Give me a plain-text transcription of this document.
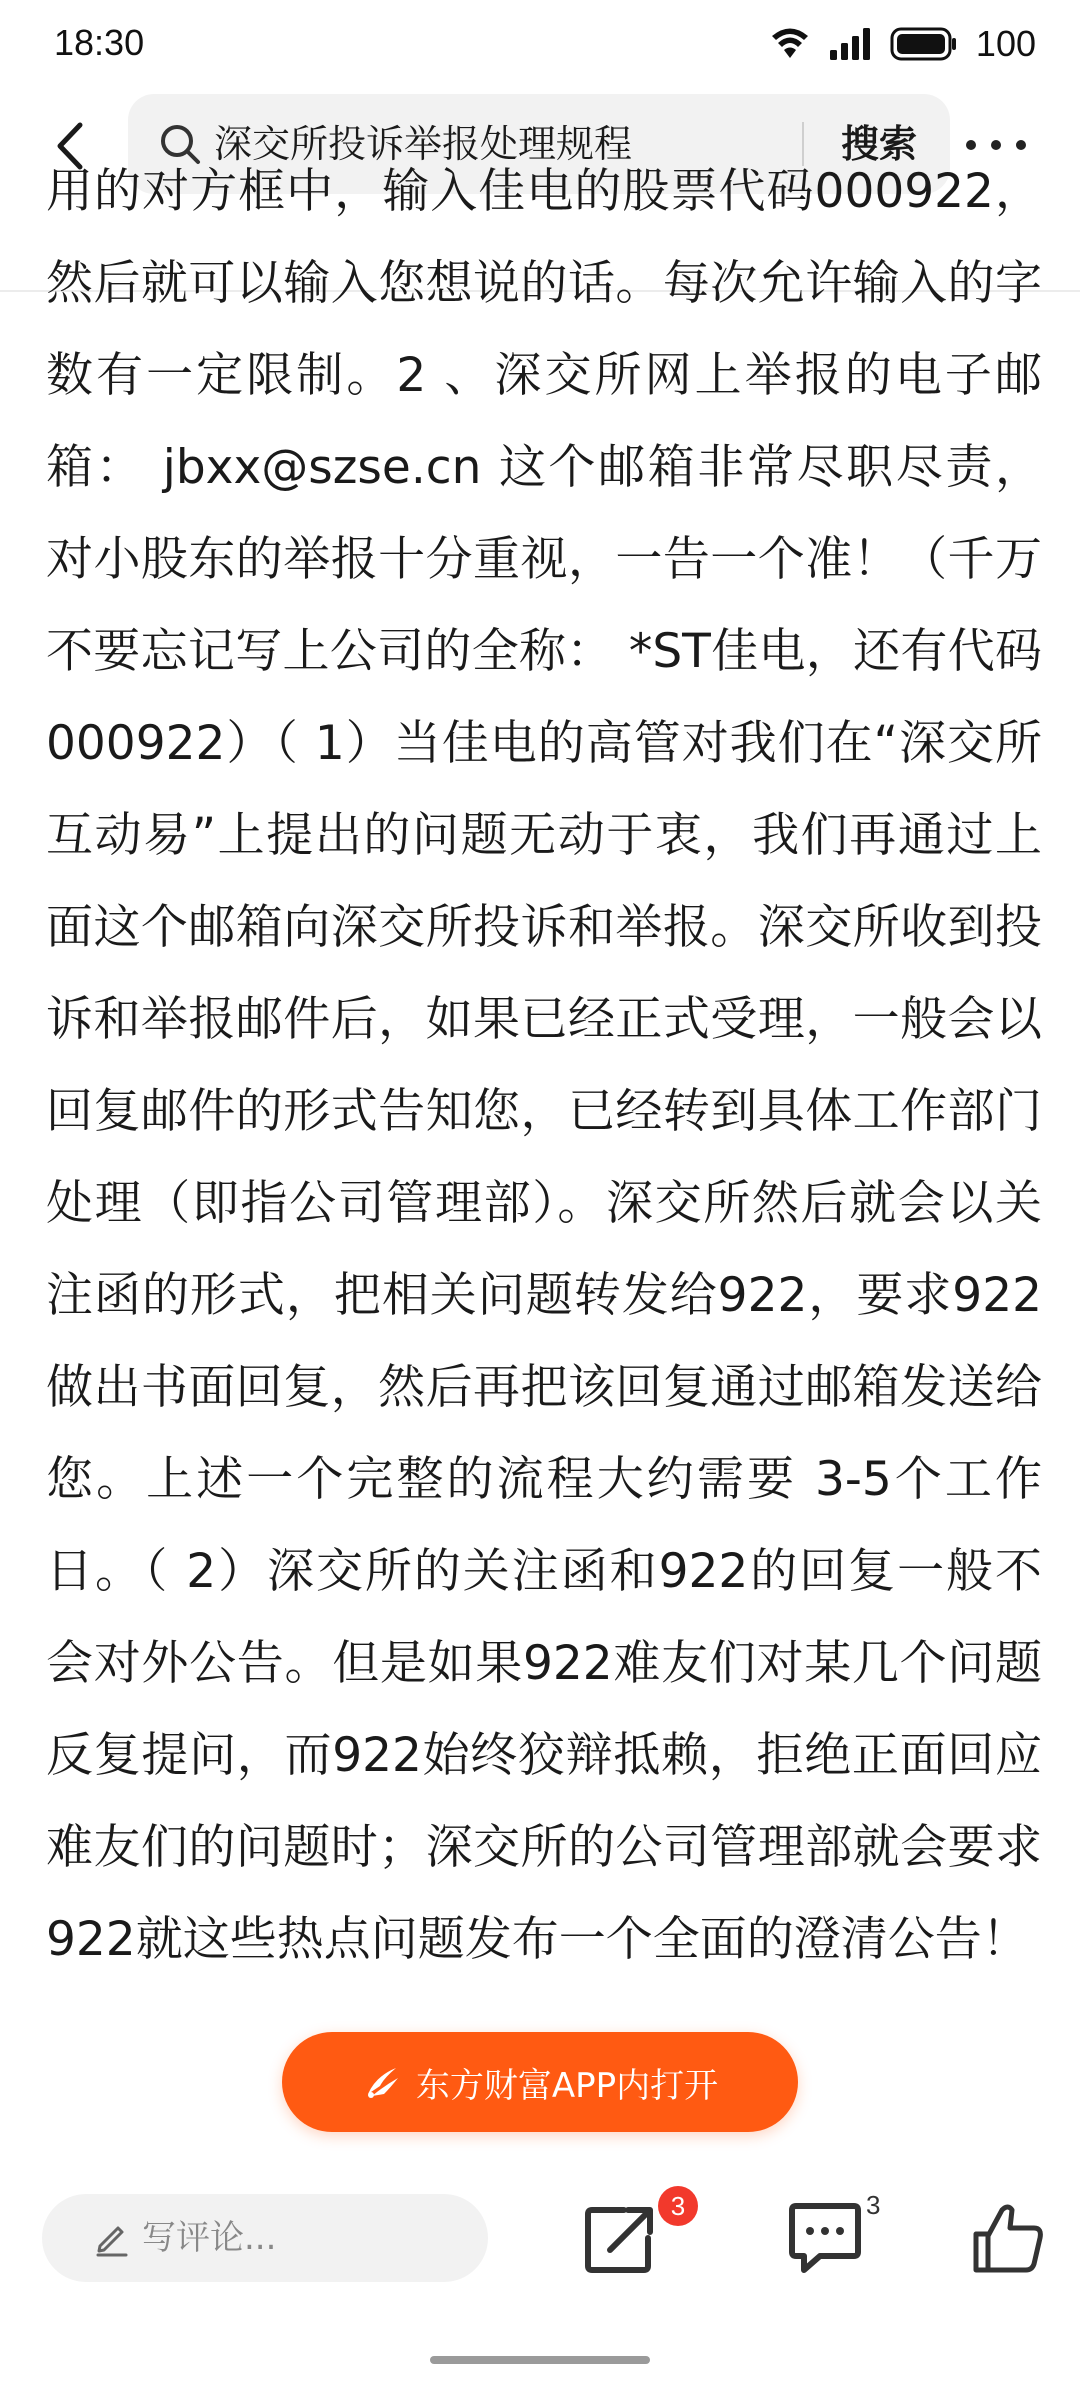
18:30	100
深交所投诉举报处理规程	搜索
用的对方框中，输入佳电的股票代码000922，然后就可以输入您想说的话。每次允许输入的字数有一定限制。2 、深交所网上举报的电子邮箱： jbxx@szse.cn 这个邮箱非常尽职尽责，对小股东的举报十分重视，一告一个准！（千万不要忘记写上公司的全称： *ST佳电，还有代码 000922）（ 1）当佳电的高管对我们在“深交所互动易”上提出的问题无动于衷，我们再通过上面这个邮箱向深交所投诉和举报。深交所收到投诉和举报邮件后，如果已经正式受理，一般会以回复邮件的形式告知您，已经转到具体工作部门处理（即指公司管理部）。深交所然后就会以关注函的形式，把相关问题转发给922，要求922做出书面回复，然后再把该回复通过邮箱发送给您。上述一个完整的流程大约需要 3-5个工作日。（ 2）深交所的关注函和922的回复一般不会对外公告。但是如果922难友们对某几个问题反复提问，而922始终狡辩抵赖，拒绝正面回应难友们的问题时；深交所的公司管理部就会要求922就这些热点问题发布一个全面的澄清公告！
东方财富APP内打开
写评论...
3	3
